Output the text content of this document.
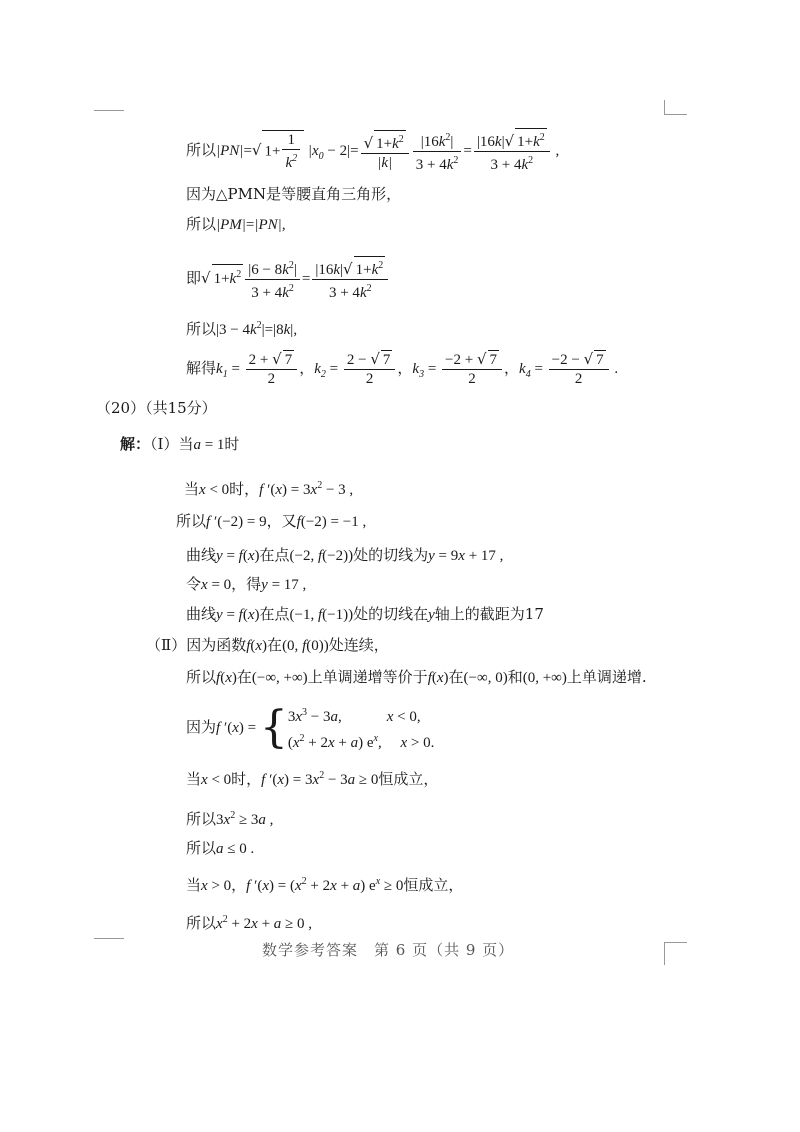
所以|PN|=√ $1+ \frac{1}{k^2} |x_0 - 2|= \frac{√ 1+k^2}{|k|} \frac{|16k^2|}{3 + 4k^2} = \frac{|16k|√ 1+k^2}{3 + 4k^2}$ ,
因为△PMN是等腰直角三角形，
所以|PM|=|PN|,
即√ $1+k^2 \frac{|6 - 8k^2|}{3 + 4k^2} = \frac{|16k|√ 1+k^2}{3 + 4k^2}$
所以$|3 - 4k^2|=|8k|$,
解得$k_1 = \frac{2 + √ 7}{2}$ ，$k_2 = \frac{2 - √ 7}{2}$ ，$k_3 = \frac{-2 + √ 7}{2}$ ，$k_4 = \frac{-2 - √ 7}{2}$ .
（20）（共15分）
解：（Ⅰ）当a = 1时
当x < 0时，f $'(x) = 3x^2 - 3$ ,
所以f ′(−2) = 9，又f(−2) = −1 ,
曲线y = f(x)在点(−2, f(−2))处的切线为y = 9x + 17 ,
令x = 0，得y = 17 ,
曲线y = f(x)在点(−1, f(−1))处的切线在y轴上的截距为17
（Ⅱ）因为函数f(x)在(0, f(0))处连续，
所以f(x)在(−∞, +∞)上单调递增等价于f(x)在(−∞, 0)和(0, +∞)上单调递增.
因为f ′(x) = { $3x^3 - 3a$,            x < 0,
$(x^2 + 2x + a)$ $e^x$,     x > 0.
当x < 0时，f $'(x) = 3x^2 - 3a \ge 0$恒成立，
所以$3x^2 \ge 3a$ ,
所以a ≤ 0 .
当x > 0，f $'(x) = (x^2 + 2x + a) e^x \ge 0$恒成立，
所以$x^2 + 2x + a \ge 0$ ,
数学参考答案　第 6 页（共 9 页）
